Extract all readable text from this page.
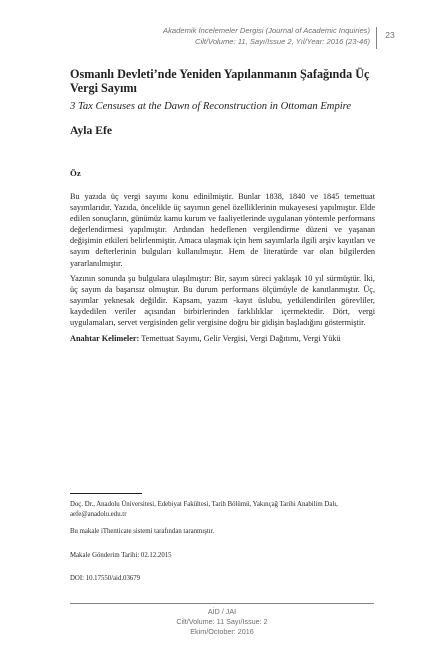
Akademik İncelemeler Dergisi (Journal of Academic Inquiries)
Cilt/Volume: 11, Sayı/Issue 2, Yıl/Year: 2016 (23-46)
23
Osmanlı Devleti’nde Yeniden Yapılanmanın Şafağında Üç Vergi Sayımı
3 Tax Censuses at the Dawn of Reconstruction in Ottoman Empire
Ayla Efe
Öz

Bu yazıda üç vergi sayımı konu edinilmiştir. Bunlar 1838, 1840 ve 1845 temettuat sayımlarıdır. Yazıda, öncelikle üç sayımın genel özelliklerinin mukayesesi yapılmıştır. Elde edilen sonuçların, günümüz kamu kurum ve faaliyetlerinde uygulanan yöntemle performans değerlendirmesi yapılmıştır. Ardından hedeflenen vergilendirme düzeni ve yaşanan değişimin etkileri belirlenmiştir. Amaca ulaşmak için hem sayımlarla ilgili arşiv kayıtları ve sayım defterlerinin bulguları kullanılmıştır. Hem de literatürde var olan bilgilerden yararlanılmıştır.

Yazının sonunda şu bulgulara ulaşılmıştır: Bir, sayım süreci yaklaşık 10 yıl sürmüştür. İki, üç sayım da başarısız olmuştur. Bu durum performans ölçümüyle de kanıtlanmıştır. Üç, sayımlar yeknesak değildir. Kapsam, yazım -kayıt üslubu, yetkilendirilen görevliler, kaydedilen veriler açısından birbirlerinden farklılıklar içermektedir. Dört, vergi uygulamaları, servet vergisinden gelir vergisine doğru bir gidişin başladığını göstermiştir.

Anahtar Kelimeler: Temettuat Sayımı, Gelir Vergisi, Vergi Dağıtımı, Vergi Yükü

Doç. Dr., Anadolu Üniversitesi, Edebiyat Fakültesi, Tarih Bölümü, Yakınçağ Tarihi Anabilim Dalı, aefe@anadolu.edu.tr
Bu makale iThenticate sistemi tarafından taranmıştır.
Makale Gönderim Tarihi: 02.12.2015
DOI: 10.17550/aid.03679
AİD / JAI
Cilt/Volume: 11 Sayı/Issue: 2
Ekim/October: 2016
